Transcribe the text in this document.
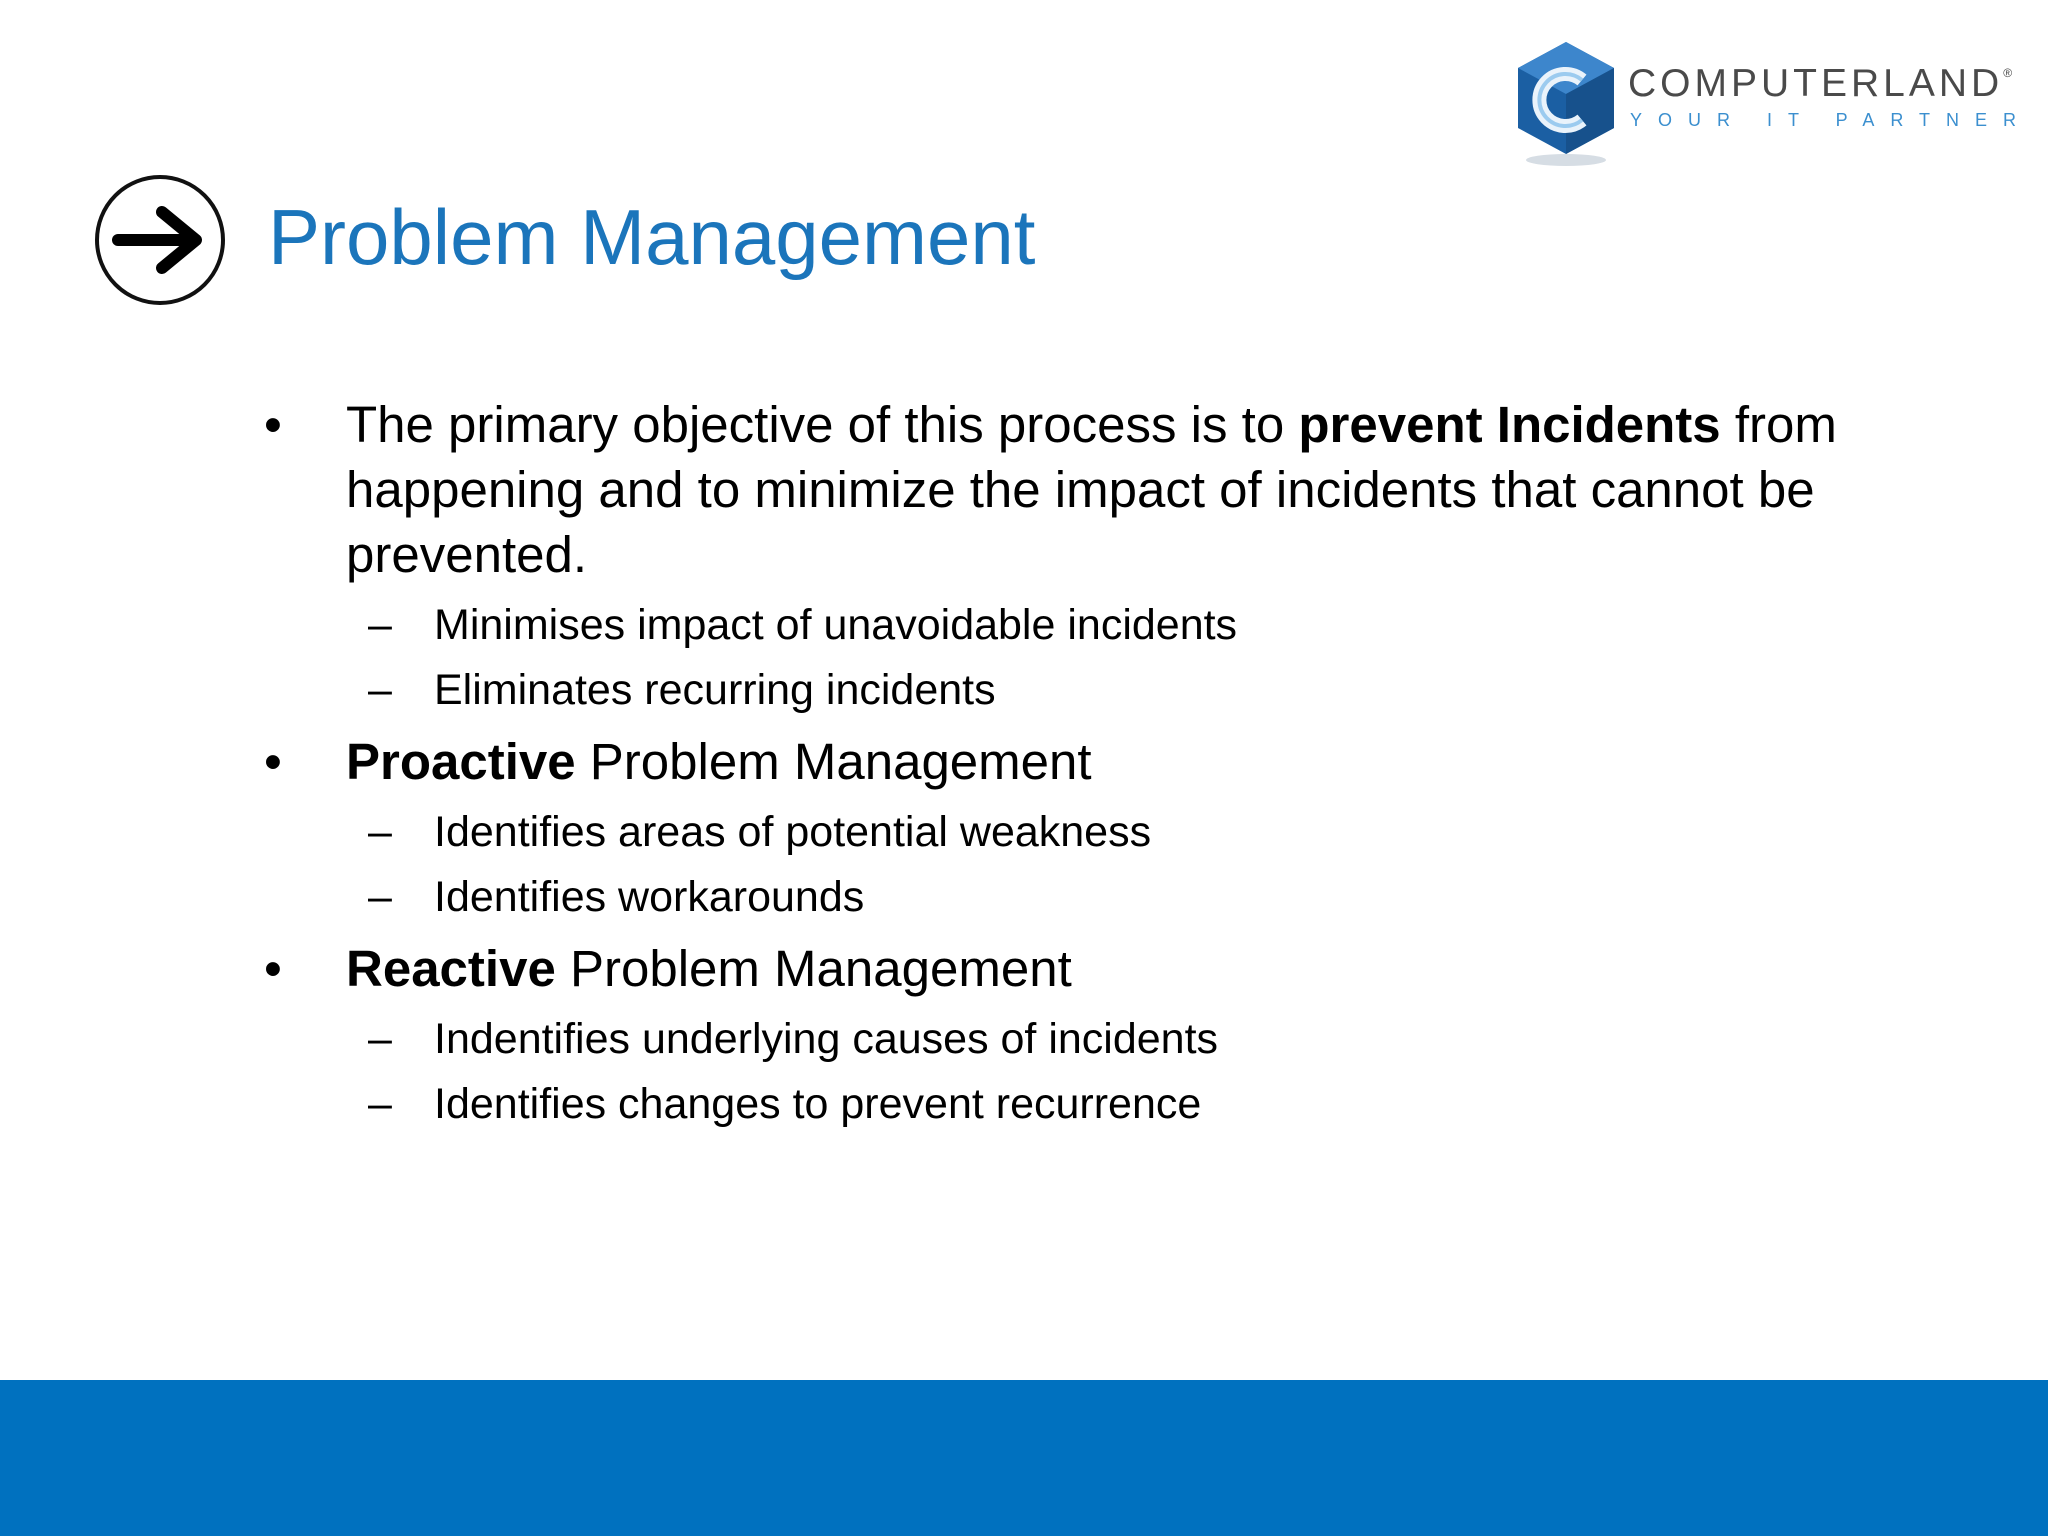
COMPUTERLAND®
YOUR IT PARTNER
Problem Management
•	The primary objective of this process is to prevent Incidents from happening and to minimize the impact of incidents that cannot be prevented.
– Minimises impact of unavoidable incidents
– Eliminates recurring incidents
•	Proactive Problem Management
– Identifies areas of potential weakness
– Identifies workarounds
•	Reactive Problem Management
– Indentifies underlying causes of incidents
– Identifies changes to prevent recurrence
